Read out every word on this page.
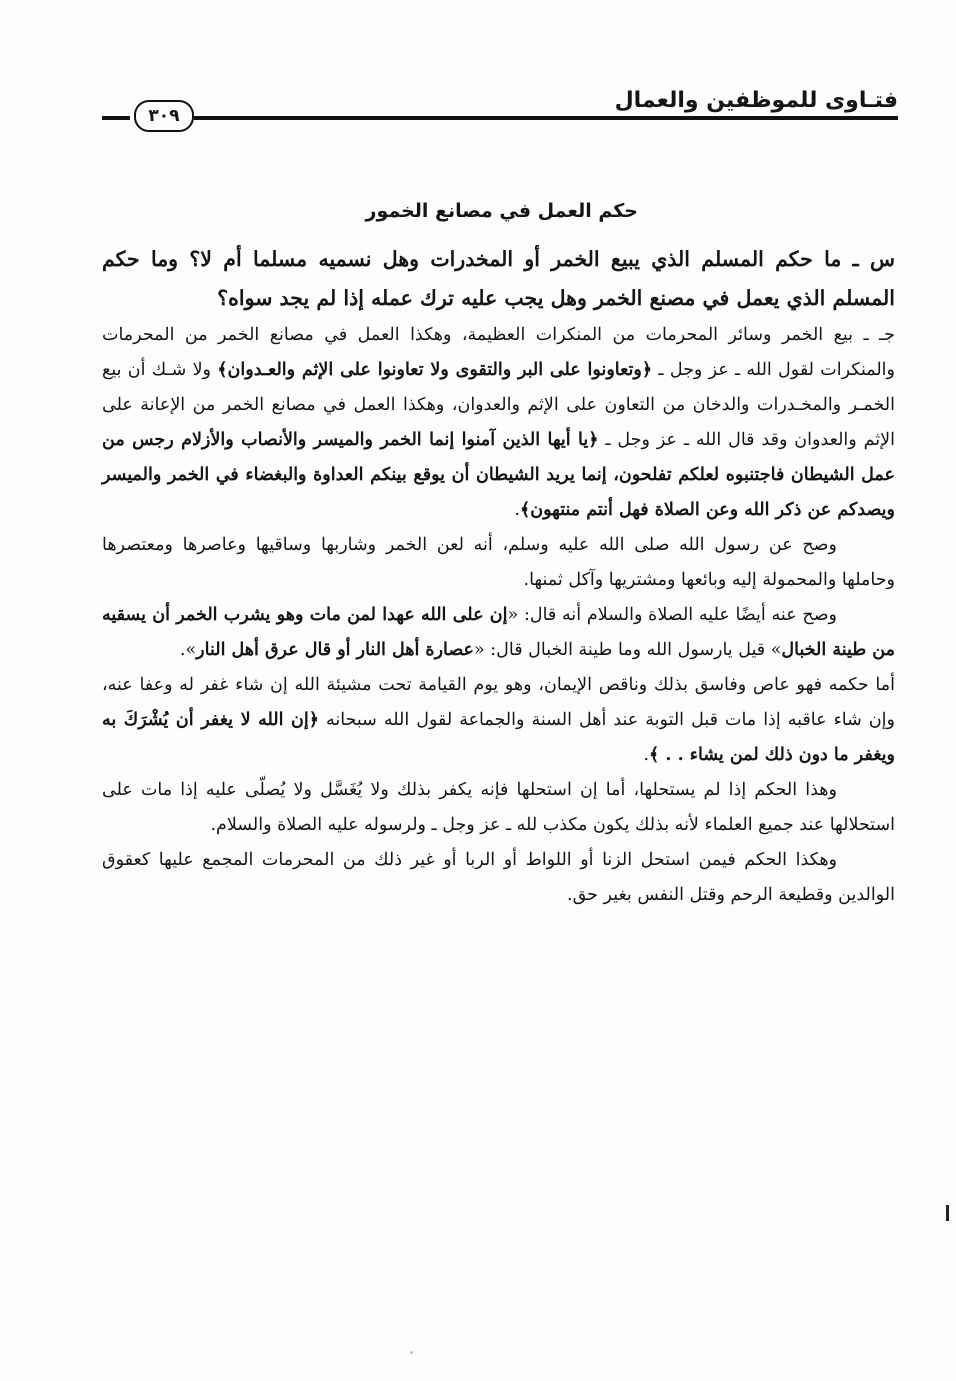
فتـاوى للموظفين والعمال
٣٠٩
حكم العمل في مصانع الخمور

س ـ ما حكم المسلم الذي يبيع الخمر أو المخدرات وهل نسميه مسلما أم لا؟ وما حكم المسلم الذي يعمل في مصنع الخمر وهل يجب عليه ترك عمله إذا لم يجد سواه؟

جـ ـ بيع الخمر وسائر المحرمات من المنكرات العظيمة، وهكذا العمل في مصانع الخمر من المحرمات والمنكرات لقول الله ـ عز وجل ـ ﴿وتعاونوا على البر والتقوى ولا تعاونوا على الإثم والعـدوان﴾ ولا شـك أن بيع الخمـر والمخـدرات والدخان من التعاون على الإثم والعدوان، وهكذا العمل في مصانع الخمر من الإعانة على الإثم والعدوان وقد قال الله ـ عز وجل ـ ﴿يا أيها الذين آمنوا إنما الخمر والميسر والأنصاب والأزلام رجس من عمل الشيطان فاجتنبوه لعلكم تفلحون، إنما يريد الشيطان أن يوقع بينكم العداوة والبغضاء في الخمر والميسر ويصدكم عن ذكر الله وعن الصلاة فهل أنتم منتهون﴾.

وصح عن رسول الله صلى الله عليه وسلم، أنه لعن الخمر وشاربها وساقيها وعاصرها ومعتصرها وحاملها والمحمولة إليه وبائعها ومشتريها وآكل ثمنها.

وصح عنه أيضًا عليه الصلاة والسلام أنه قال: «إن على الله عهدا لمن مات وهو يشرب الخمر أن يسقيه من طينة الخبال» قيل يارسول الله وما طينة الخبال قال: «عصارة أهل النار أو قال عرق أهل النار».

أما حكمه فهو عاص وفاسق بذلك وناقص الإيمان، وهو يوم القيامة تحت مشيئة الله إن شاء غفر له وعفا عنه، وإن شاء عاقبه إذا مات قبل التوبة عند أهل السنة والجماعة لقول الله سبحانه ﴿إن الله لا يغفر أن يُشْرَكَ به ويغفر ما دون ذلك لمن يشاء . . ﴾.

وهذا الحكم إذا لم يستحلها، أما إن استحلها فإنه يكفر بذلك ولا يُغَسَّل ولا يُصلّى عليه إذا مات على استحلالها عند جميع العلماء لأنه بذلك يكون مكذب لله ـ عز وجل ـ ولرسوله عليه الصلاة والسلام.

وهكذا الحكم فيمن استحل الزنا أو اللواط أو الربا أو غير ذلك من المحرمات المجمع عليها كعقوق الوالدين وقطيعة الرحم وقتل النفس بغير حق.
